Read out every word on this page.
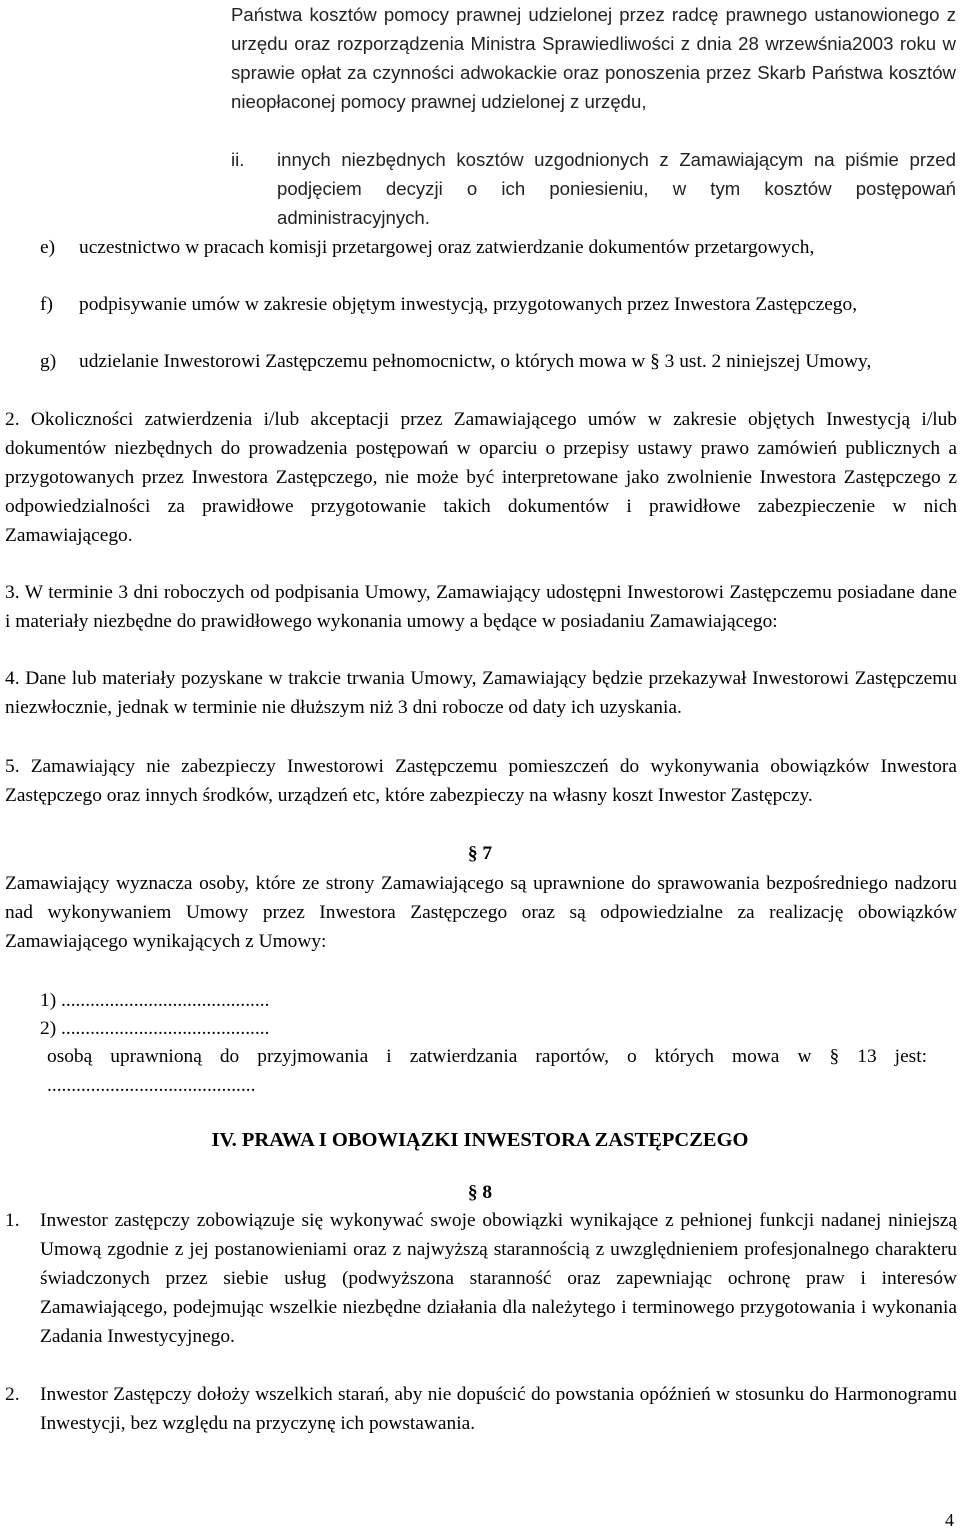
Państwa kosztów pomocy prawnej udzielonej przez radcę prawnego ustanowionego z urzędu oraz rozporządzenia Ministra Sprawiedliwości z dnia 28 wrzewśnia2003 roku w sprawie opłat za czynności adwokackie oraz ponoszenia przez Skarb Państwa kosztów nieopłaconej pomocy prawnej udzielonej z urzędu,

ii.	innych niezbędnych kosztów uzgodnionych z Zamawiającym na piśmie przed podjęciem decyzji o ich poniesieniu, w tym kosztów postępowań administracyjnych.
e)	uczestnictwo w pracach komisji przetargowej oraz zatwierdzanie dokumentów przetargowych,
f)	podpisywanie umów w zakresie objętym inwestycją, przygotowanych przez Inwestora Zastępczego,
g)	udzielanie Inwestorowi Zastępczemu pełnomocnictw, o których mowa w § 3 ust. 2 niniejszej Umowy,

2. Okoliczności zatwierdzenia i/lub akceptacji przez Zamawiającego umów w zakresie objętych Inwestycją i/lub dokumentów niezbędnych do prowadzenia postępowań w oparciu o przepisy ustawy prawo zamówień publicznych a przygotowanych przez Inwestora Zastępczego, nie może być interpretowane jako zwolnienie Inwestora Zastępczego z odpowiedzialności za prawidłowe przygotowanie takich dokumentów i prawidłowe zabezpieczenie w nich Zamawiającego.

3. W terminie 3 dni roboczych od podpisania Umowy, Zamawiający udostępni Inwestorowi Zastępczemu posiadane dane i materiały niezbędne do prawidłowego wykonania umowy a będące w posiadaniu Zamawiającego:

4. Dane lub materiały pozyskane w trakcie trwania Umowy, Zamawiający będzie przekazywał Inwestorowi Zastępczemu niezwłocznie, jednak w terminie nie dłuższym niż 3 dni robocze od daty ich uzyskania.

5. Zamawiający nie zabezpieczy Inwestorowi Zastępczemu pomieszczeń do wykonywania obowiązków Inwestora Zastępczego oraz innych środków, urządzeń etc, które zabezpieczy na własny koszt Inwestor Zastępczy.

§ 7

Zamawiający wyznacza osoby, które ze strony Zamawiającego są uprawnione do sprawowania bezpośredniego nadzoru nad wykonywaniem Umowy przez Inwestora Zastępczego oraz są odpowiedzialne za realizację obowiązków Zamawiającego wynikających z Umowy:

1) ...........................................

2) ...........................................

osobą uprawnioną do przyjmowania i zatwierdzania raportów, o których mowa w § 13 jest: ...........................................

IV. PRAWA I OBOWIĄZKI INWESTORA ZASTĘPCZEGO

§ 8

1.	Inwestor zastępczy zobowiązuje się wykonywać swoje obowiązki wynikające z pełnionej funkcji nadanej niniejszą Umową zgodnie z jej postanowieniami oraz z najwyższą starannością z uwzględnieniem profesjonalnego charakteru świadczonych przez siebie usług (podwyższona staranność oraz zapewniając ochronę praw i interesów Zamawiającego, podejmując wszelkie niezbędne działania dla należytego i terminowego przygotowania i wykonania Zadania Inwestycyjnego.
2.	Inwestor Zastępczy dołoży wszelkich starań, aby nie dopuścić do powstania opóźnień w stosunku do Harmonogramu Inwestycji, bez względu na przyczynę ich powstawania.
4
